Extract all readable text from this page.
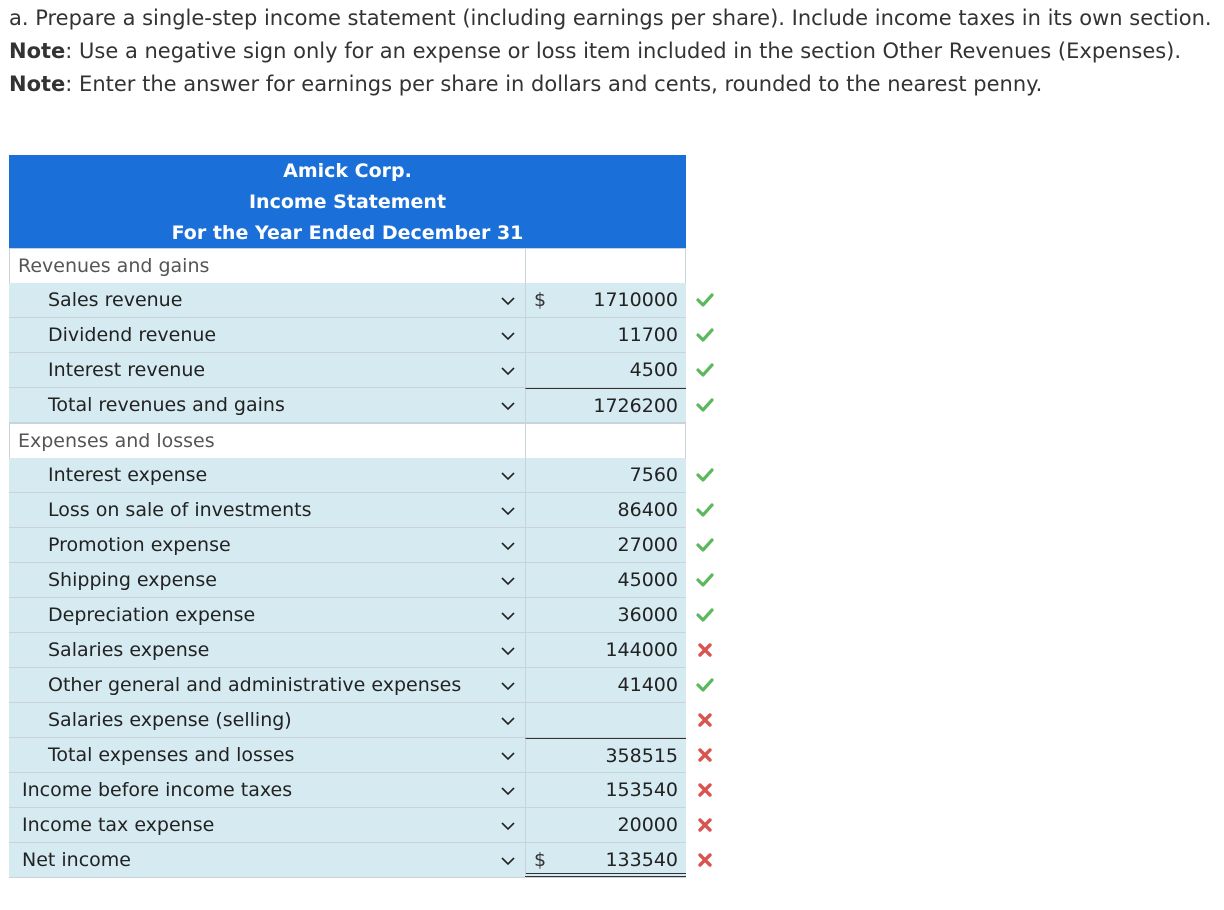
a. Prepare a single-step income statement (including earnings per share). Include income taxes in its own section.

Note: Use a negative sign only for an expense or loss item included in the section Other Revenues (Expenses).

Note: Enter the answer for earnings per share in dollars and cents, rounded to the nearest penny.

Amick Corp.
Income Statement
For the Year Ended December 31
Revenues and gains
Sales revenue	$ 1710000
Dividend revenue	11700
Interest revenue	4500
Total revenues and gains	1726200
Expenses and losses
Interest expense	7560
Loss on sale of investments	86400
Promotion expense	27000
Shipping expense	45000
Depreciation expense	36000
Salaries expense	144000
Other general and administrative expenses	41400
Salaries expense (selling)
Total expenses and losses	358515
Income before income taxes	153540
Income tax expense	20000
Net income	$	133540
